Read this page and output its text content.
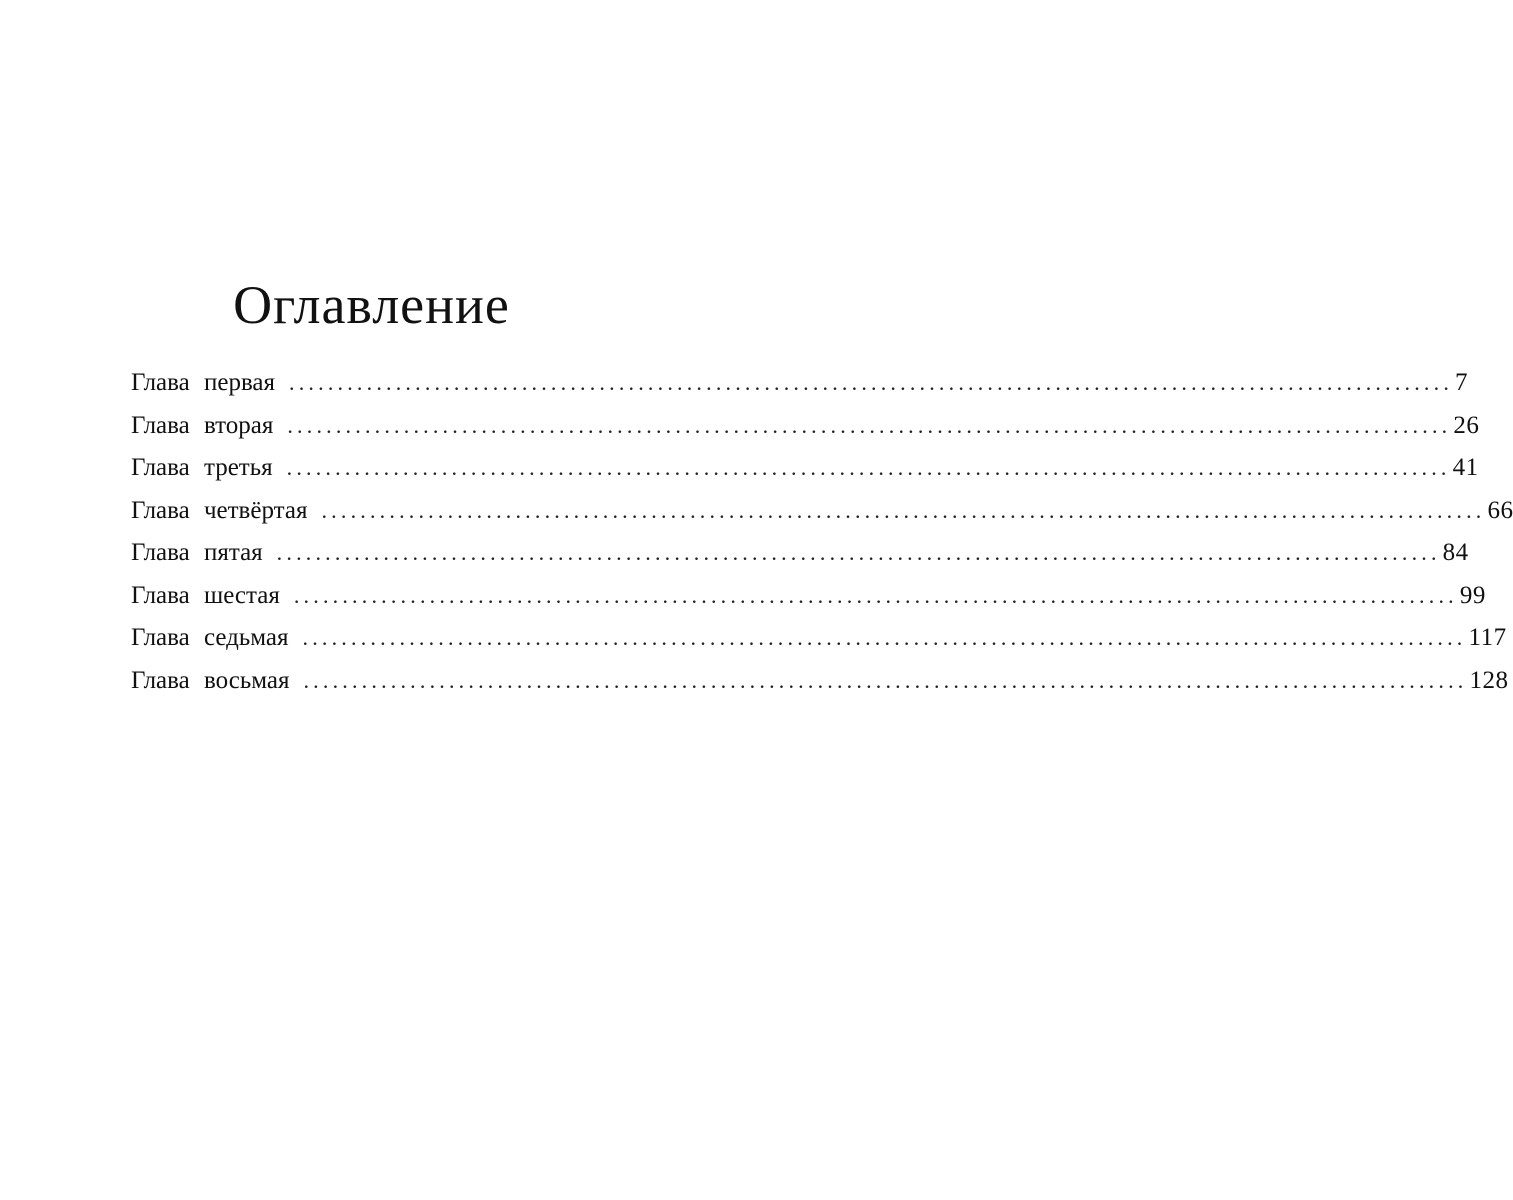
Оглавление
Глава первая ........................................................................................................................ 7
Глава вторая ........................................................................................................................ 26
Глава третья ........................................................................................................................ 41
Глава четвёртая ........................................................................................................................ 66
Глава пятая ........................................................................................................................ 84
Глава шестая ........................................................................................................................ 99
Глава седьмая ........................................................................................................................ 117
Глава восьмая ........................................................................................................................ 128
